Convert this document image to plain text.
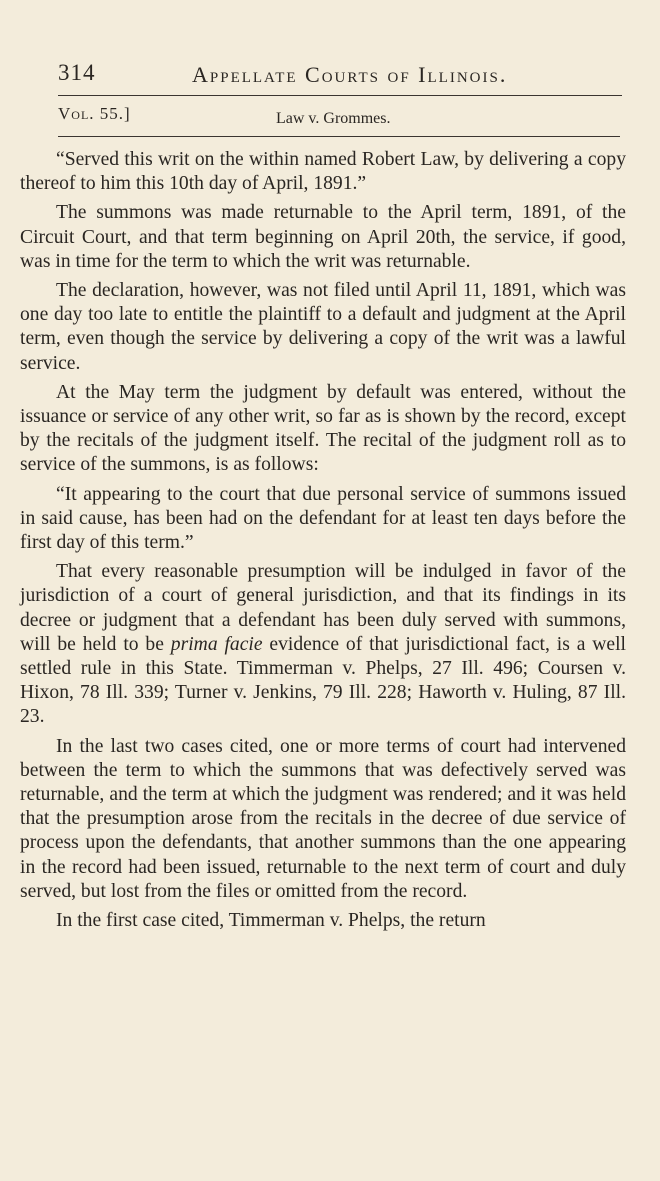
314	Appellate Courts of Illinois.
Vol. 55.]	Law v. Grommes.

“Served this writ on the within named Robert Law, by delivering a copy thereof to him this 10th day of April, 1891.”

The summons was made returnable to the April term, 1891, of the Circuit Court, and that term beginning on April 20th, the service, if good, was in time for the term to which the writ was returnable.

The declaration, however, was not filed until April 11, 1891, which was one day too late to entitle the plaintiff to a default and judgment at the April term, even though the service by delivering a copy of the writ was a lawful service.

At the May term the judgment by default was entered, without the issuance or service of any other writ, so far as is shown by the record, except by the recitals of the judgment itself. The recital of the judgment roll as to service of the summons, is as follows:

“It appearing to the court that due personal service of summons issued in said cause, has been had on the defendant for at least ten days before the first day of this term.”

That every reasonable presumption will be indulged in favor of the jurisdiction of a court of general jurisdiction, and that its findings in its decree or judgment that a defendant has been duly served with summons, will be held to be prima facie evidence of that jurisdictional fact, is a well settled rule in this State. Timmerman v. Phelps, 27 Ill. 496; Coursen v. Hixon, 78 Ill. 339; Turner v. Jenkins, 79 Ill. 228; Haworth v. Huling, 87 Ill. 23.

In the last two cases cited, one or more terms of court had intervened between the term to which the summons that was defectively served was returnable, and the term at which the judgment was rendered; and it was held that the presumption arose from the recitals in the decree of due service of process upon the defendants, that another summons than the one appearing in the record had been issued, returnable to the next term of court and duly served, but lost from the files or omitted from the record.

In the first case cited, Timmerman v. Phelps, the return
